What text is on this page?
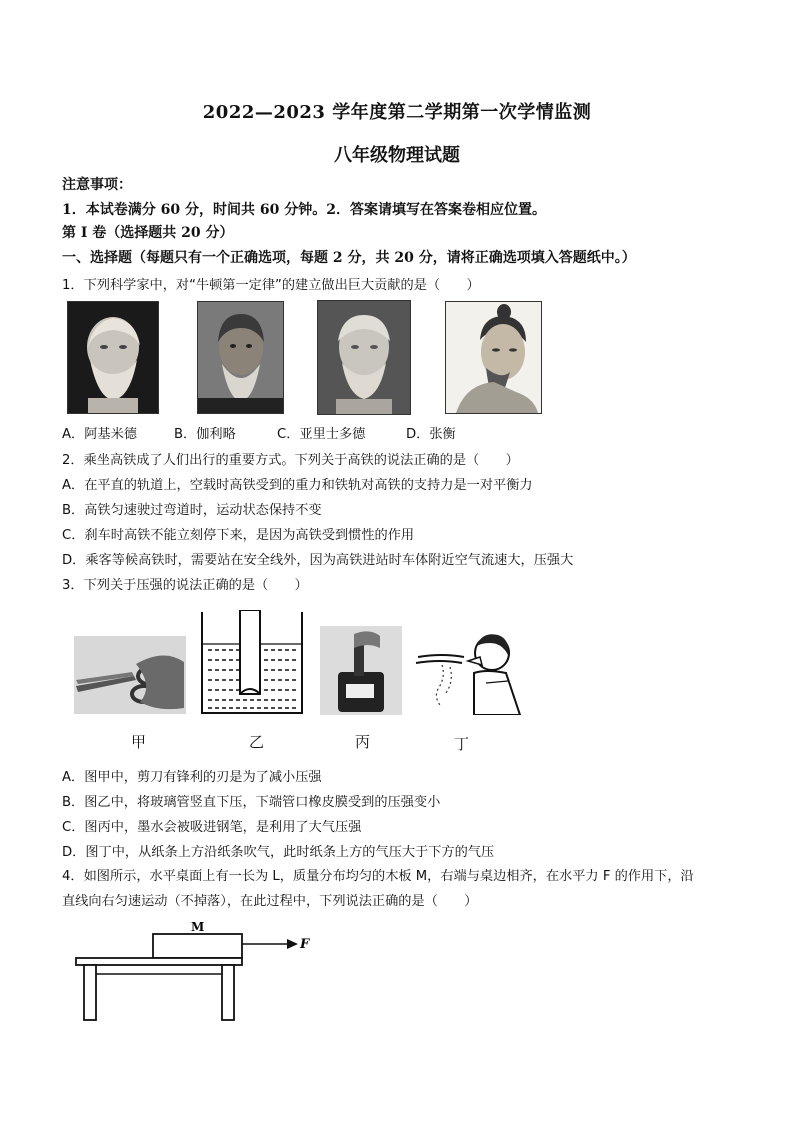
2022—2023 学年度第二学期第一次学情监测
八年级物理试题
注意事项：
1．本试卷满分 60 分，时间共 60 分钟。2．答案请填写在答案卷相应位置。
第 I 卷（选择题共 20 分）
一、选择题（每题只有一个正确选项，每题 2 分，共 20 分，请将正确选项填入答题纸中。）
1．下列科学家中，对“牛顿第一定律”的建立做出巨大贡献的是（　　）
A．阿基米德	B．伽利略	C．亚里士多德	D．张衡
2．乘坐高铁成了人们出行的重要方式。下列关于高铁的说法正确的是（　　）
A．在平直的轨道上，空载时高铁受到的重力和铁轨对高铁的支持力是一对平衡力
B．高铁匀速驶过弯道时，运动状态保持不变
C．刹车时高铁不能立刻停下来，是因为高铁受到惯性的作用
D．乘客等候高铁时，需要站在安全线外，因为高铁进站时车体附近空气流速大，压强大
3．下列关于压强的说法正确的是（　　）
甲	乙	丙	丁
A．图甲中，剪刀有锋利的刃是为了减小压强
B．图乙中，将玻璃管竖直下压，下端管口橡皮膜受到的压强变小
C．图丙中，墨水会被吸进钢笔，是利用了大气压强
D．图丁中，从纸条上方沿纸条吹气，此时纸条上方的气压大于下方的气压
4．如图所示，水平桌面上有一长为 L，质量分布均匀的木板 M，右端与桌边相齐，在水平力 F 的作用下，沿
直线向右匀速运动（不掉落），在此过程中，下列说法正确的是（　　）
M
F
